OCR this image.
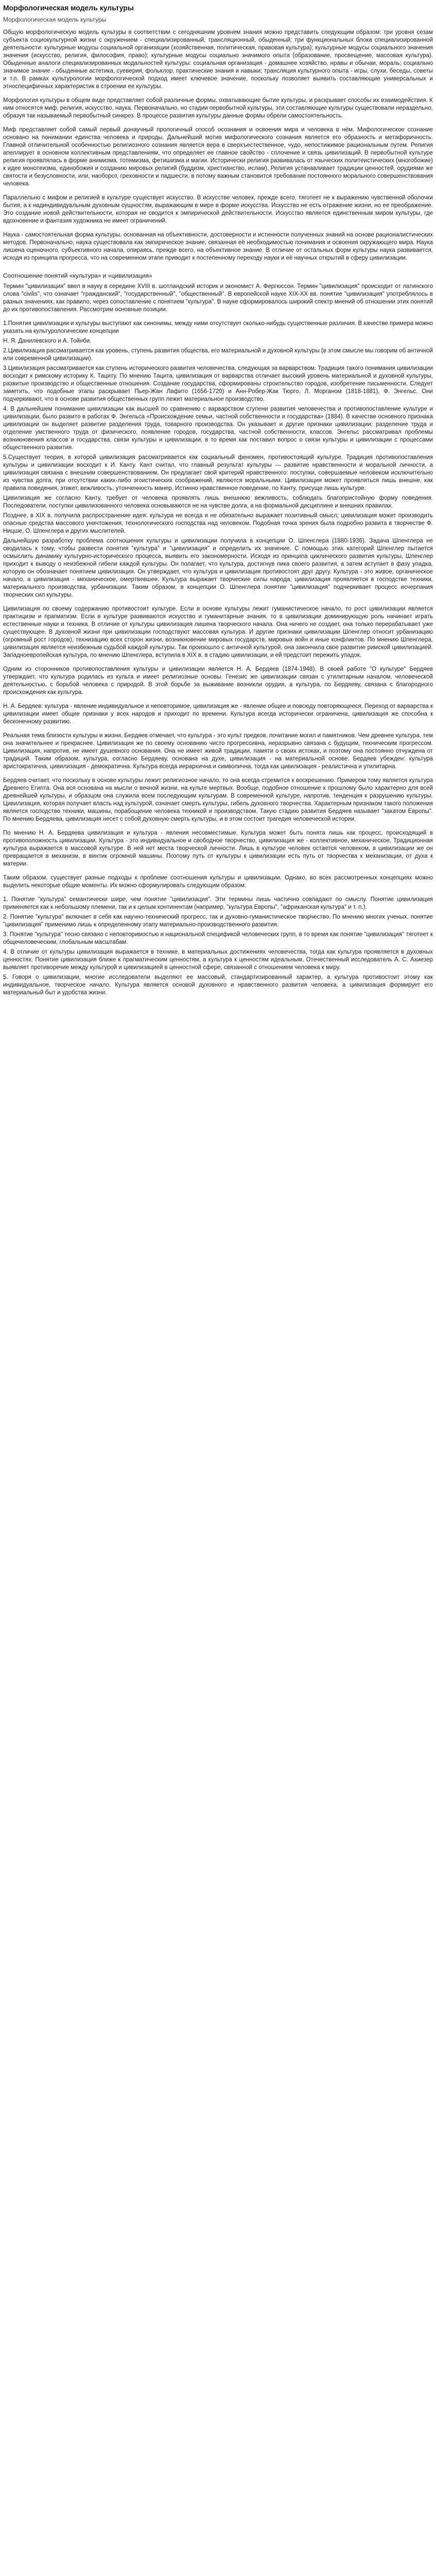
Морфологическая модель культуры
Морфологическая модель культуры

Общую морфологическую модель культуры в соответствии с сегодняшним уровнем знания можно представить следующим образом: три уровня сезам субъекта социокультурной жизни с окружением - специализированный, трансляционный, обыденный; три функциональных блока специализированной деятельности: культурные модусы социальной организации (хозяйственная, политическая, правовая культура); культурные модусы социального значения значения (искусство, религия, философия, право); культурные модусы социально значимого опыта (образование, просвещение, массовая культура). Обыденные аналоги специализированных модальностей культуры: социальная организация - домашнее хозяйство, нравы и обычаи, мораль; социально значимое знание - обыденные астетика, суеверия, фольклор, практические знания и навыки; трансляция культурного опыта - игры, слухи, беседы, советы и т.п. В рамках культурологии морфологической подход имеет ключевое значение, поскольку позволяет выявить составляющие универсальных и этноспецифичных характеристик в строении ее культуры.

Морфология культуры в общем виде представляет собой различные формы, охватывающие бытие культуры, и раскрывает способы их взаимодействия. К ним относятся миф, религия, искусство, наука. Первоначально, но стадии первобытной культуры, эти составляющие культуры существовали нераздельно, образуя так называемый первобытный синкрез. В процессе развития культуры данные формы обрели самостоятельность.

Миф представляет собой самый первый донаучный прологичный способ осознания и освоения мира и человека в нём. Мифологическое сознание основано на понимании единства человека и природы. Дальнейший мотив мифологического сознания является его образность и метафоричность. Главной отличительной особенностью религиозного сознания является вера в сверхъестественное, чудо, непостижимое рациональным путем. Религия апеллирует в основном коллективным представлениям, что определяет ее главное свойство - сплочение и связь цивилизаций. В первобытной культуре религия проявлялась в форме анимизма, тотемизма, фетишизма и магии. Исторически религия развивалась от языческих политеистических (многобожие) к идее монотеизма, единобожия и созданию мировых религий (буддизм, христианство, ислам). Религия устанавливает традиции ценностей, орудиями же святости и безусловности, или, наоборот, греховности и падшести, в потому важным становится требование постоянного морального совершенствования человека.

Параллельно с мифом и религией в культуре существует искусство. В искусстве человек, прежде всего, тяготеет не к выражению чувственной оболочки бытия, а к надиндивидуальным духовным сущностям, выражающим в мире в форме искусства. Искусство не есть отражение жизни, но ее преображение. Это создание новой действительности, которая не сводится к эмпирической действительности. Искусство является единственным миром культуры, где вдохновение и фантазия художника не имеет ограничений.

Наука - самостоятельная форма культуры, основанная на объективности, достоверности и истинности полученных знаний на основе рационалистических методов. Первоначально, наука существовала как эмпирическое знание, связанная её необходимостью понимания и освоения окружающего мира. Наука лишена оценочного, субъективного начала, опираясь, прежде всего, на объективное знание. В отличие от остальных форм культуры наука развивается, исходя из принципа прогресса, что на современном этапе приводит к постепенному переходу науки и её научных открытий в сферу цивилизации.

Соотношение понятий «культура» и «цивилизация»

Термин "цивилизация" ввел в науку в середине XVIII в. шотландский историк и экономист А. Фергюссон. Термин "цивилизация" происходит от латинского слова "civilis", что означает "гражданский", "государственный", "общественный". В европейской науке XIX-XX вв. понятие "цивилизация" употреблялось в разных значениях, как правило, через сопоставление с понятием "культура". В науке сформировалось широкий спектр мнений об отношении этих понятий до их противопоставления. Рассмотрим основные позиции.

1.Понятия цивилизации и культуры выступают как синонимы, между ними отсутствует сколько-нибудь существенные различия. В качестве примера можно указать на культурологические концепции

Н. Я. Данилевского и А. Тойнби.

2.Цивилизация рассматривается как уровень, ступень развития общества, его материальной и духовной культуры (в этом смысле мы говорим об античной или современной цивилизации).

3.Цивилизация рассматривается как ступень исторического развития человечества, следующая за варварством. Традиция такого понимания цивилизации восходит к римскому историку К. Тациту. По мнению Тацита, цивилизация от варварства отличает высокий уровень материальной и духовной культуры, развитые производство и общественные отношения. Создание государства, сформированы строительство городов, изобретение письменности. Следует заметить, что подобные этапы раскрывает Пьер-Жан Лафито (1656-1720) и Анн-Робер-Жак Тюрго, Л. Морганом (1818-1881), Ф. Энгельс. Они подчеркивают, что в основе развития общественных групп лежит материальное производство.

4. В дальнейшем понимание цивилизации как высшей по сравнению с варварством ступени развития человечества и противопоставление культуре и цивилизации, было развито в работах Ф. Энгельса «Происхождение семьи, частной собственности и государства» (1884). В качестве основного признака цивилизации он выделяет развитие разделения труда, товарного производства. Он указывает и другие признаки цивилизации: разделение труда и отделение умственного труда от физического, появление городов, государства, частной собственности, классов. Энгельс рассматривал проблемы возникновения классов и государства, связи культуры и цивилизации, в то время как поставил вопрос о связи культуры и цивилизации с процессами общественного развития.

5.Существует теория, в которой цивилизация рассматривается как социальный феномен, противостоящий культуре. Традиция противопоставления культуры и цивилизации восходит к И. Канту. Кант считал, что главный результат культуры — развитие нравственности и моральной личности, а цивилизация связана с внешним совершенствованием. Он предлагает свой критерий нравственного: поступки, совершаемые человеком исключительно из чувства долга, при отсутствии каких-либо эгоистических соображений, являются моральными. Цивилизация может проявляться лишь внешне, как правила поведения, этикет, вежливость, утонченность манер. Истинно нравственное поведение, по Канту, присуще лишь культуре.

Цивилизация же согласно Канту, требует от человека проявлять лишь внешнюю вежливость, соблюдать благопристойную форму поведения. Последователи, поступки цивилизованного человека основываются не на чувстве долга, а на формальной дисциплине и внешних правилах.

Позднее, в XIX в. получила распространение идея: культура не всегда и не обязательно выражает позитивный смысл; цивилизация может производить опасные средства массового уничтожения, технологического господства над человеком. Подобная точка зрения была подробно развита в творчестве Ф. Ницше, О. Шпенглера и других мыслителей.

Дальнейшую разработку проблема соотношения культуры и цивилизации получила в концепции О. Шпенглера (1880-1936). Задача Шпенглера не сводилась к тому, чтобы развести понятия "культура" и "цивилизация" и определить их значение. С помощью этих категорий Шпенглер пытается осмыслить динамику культурно-исторического процесса, выявить его закономерности. Исходя из принципа циклического развития культуры, Шпенглер приходит к выводу о неизбежной гибели каждой культуры. Он полагает, что культура, достигнув пика своего развития, а затем вступает в фазу упадка, которую он обозначает понятием цивилизация. Он утверждает, что культура и цивилизация противостоят друг другу. Культура - это живое, органическое начало, а цивилизация - механическое, омертвевшее. Культура выражает творческие силы народа, цивилизация проявляется в господстве техники, материального производства, урбанизации. Таким образом, в концепции О. Шпенглера понятие "цивилизация" подчеркивает процесс исчерпания творческих сил культуры.

Цивилизация по своему содержанию противостоит культуре. Если в основе культуры лежит гуманистическое начало, то рост цивилизации является практицизм и прагматизм. Если в культуре развиваются искусство и гуманитарные знания, то в цивилизации доминирующую роль начинает играть естественные науки и техника. В отличие от культуры цивилизация лишена творческого начала. Она ничего не создает, она только перерабатывает уже существующее. В духовной жизни при цивилизации господствуют массовая культура. И другие признаки цивилизации Шпенглер относит урбанизацию (огромный рост городов), технизацию всех сторон жизни, возникновение мировых государств, мировых войн и иные конфликтов. По мнению Шпенглера, цивилизация является неизбежным судьбой каждой культуры. Так произошло с античной культурой, она закончила свое развитие римской цивилизацией. Западноевропейская культура, по мнению Шпенглера, вступила в XIX в. в стадию цивилизации, и ей предстоит пережить упадок.

Одним из сторонников противопоставления культуры и цивилизации является Н. А. Бердяев (1874-1948). В своей работе "О культуре" Бердяев утверждает, что культура родилась из культа и имеет религиозные основы. Генезис же цивилизации связан с утилитарным началом, человеческой деятельностью, с борьбой человека с природой. В этой борьбе за выживание возникли орудия, а культура, по Бердяеву, связана с благородного происхождения как культура.

Н. А. Бердяев: культура - явление индивидуальное и неповторимое, цивилизация же - явление общее и повсюду повторяющееся. Переход от варварства к цивилизации имеет общие признаки у всех народов и приходит по времени. Культура всегда исторически ограничена, цивилизация же способна к бесконечному развитию.

Реальная тема близости культуры и жизни. Бердяев отмечает, что культура - это культ предков, почитание могил и памятников. Чем древнее культура, тем она значительнее и прекраснее. Цивилизация же по своему основанию чисто прогрессивна, неразрывно связана с будущим, техническим прогрессом. Цивилизация, напротив, не имеет душевного основания. Она не имеет живой традиции, памяти о своих истоках, и поэтому она постоянно отчуждена от традиций. Таким образом, культура, согласно Бердяеву, основана на духе, цивилизация - на материальной основе. Бердяев убежден: культура аристократична, цивилизация - демократична. Культура всегда иерархична и символична, тогда как цивилизация - реалистична и утилитарна.

Бердяев считает, что поскольку в основе культуры лежит религиозное начало, то она всегда стремится к воскрешению. Примером тому является культура Древнего Египта. Она вся основана на мысли о вечной жизни, на культе мертвых. Вообще, подобное отношение к прошлому было характерно для всей древнейшей культуры, и образцом она служила всем последующим культурам. В современной культуре, напротив, тенденция к разрушению культуры. Цивилизация, которая получает власть над культурой, означает смерть культуры, гибель духовного творчества. Характерным признаком такого положения является господство техники, машины, порабощение человека техникой и производством. Такую стадию развития Бердяев называет "закатом Европы". По мнению Бердяева, цивилизация несет с собой духовную смерть культуры, и в этом состоит трагедия человеческой истории.

По мнению Н. А. Бердяева цивилизация и культура - явления несовместимые. Культура может быть понята лишь как процесс, происходящий в противоположность цивилизации. Культура - это индивидуальное и свободное творчество, цивилизация же - коллективное, механическое. Традиционная культура выражается в массовой культуре. В ней нет места творческой личности. Лишь в культуре человек остается человеком, в цивилизации же он превращается в механизм, в винтик огромной машины. Поэтому путь от культуры к цивилизации есть путь от творчества к механизации, от духа к материи.

Таким образом, существует разные подходы к проблеме соотношения культуры и цивилизации. Однако, во всех рассмотренных концепциях можно выделить некоторые общие моменты. Их можно сформулировать следующим образом:

1. Понятие "культура" семантически шире, чем понятие "цивилизация". Эти термины лишь частично совпадают по смыслу. Понятие цивилизация применяется как к небольшому племени, так и к целым континентам (например, "культура Европы", "африканская культура" и т. п.).

2. Понятие "культура" включает в себя как научно-технический прогресс, так и духовно-гуманистическое творчество. По мнению многих ученых, понятие "цивилизация" применимо лишь к определенному этапу материально-производственного развития.

3. Понятие "культура" тесно связано с неповторимостью и национальной спецификой человеческих групп, в то время как понятие "цивилизация" тяготеет к общечеловеческим, глобальным масштабам.

4. В отличие от культуры цивилизация выражается в технике, в материальных достижениях человечества, тогда как культура проявляется в духовных ценностях. Понятие цивилизация ближе к прагматическим ценностям, а культура к ценностям идеальным. Отечественный исследователь А. С. Ахиезер выявляет противоречие между культурой и цивилизацией в ценностной сфере, связанной с отношением человека к миру.

5. Говоря о цивилизации, многие исследователи выделяют ее массовый, стандартизированный характер, а культура противостоит этому как индивидуальное, творческое начало. Культура является основой духовного и нравственного развития человека, а цивилизация формирует его материальный быт и удобства жизни.
